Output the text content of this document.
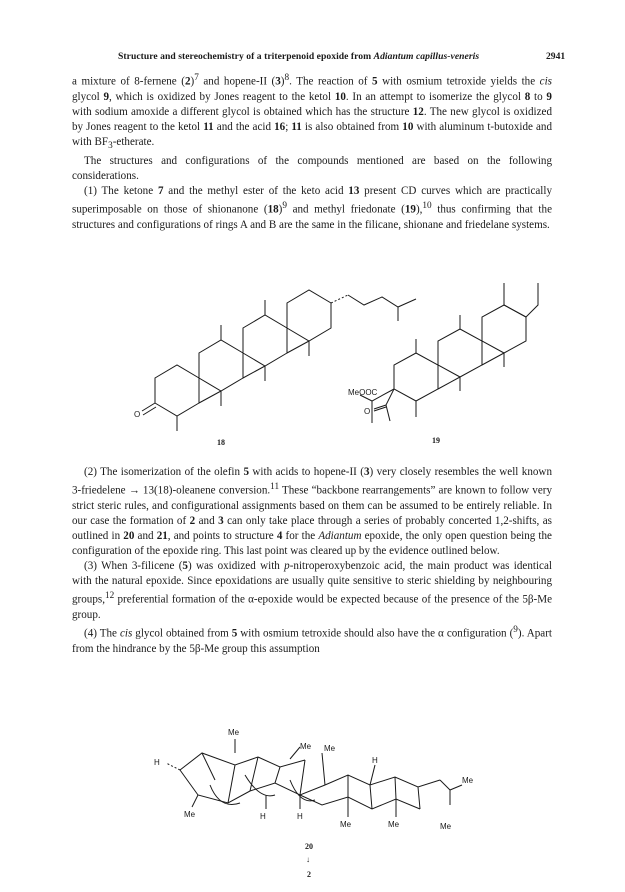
Structure and stereochemistry of a triterpenoid epoxide from Adiantum capillus-veneris	2941

a mixture of 8-fernene $(2)^7$ and hopene-II $(3)^8$. The reaction of 5 with osmium tetroxide yields the cis glycol 9, which is oxidized by Jones reagent to the ketol 10. In an attempt to isomerize the glycol 8 to 9 with sodium amoxide a different glycol is obtained which has the structure 12. The new glycol is oxidized by Jones reagent to the ketol 11 and the acid 16; 11 is also obtained from 10 with aluminum t-butoxide and with $BF_3$-etherate.

The structures and configurations of the compounds mentioned are based on the following considerations.

(1) The ketone 7 and the methyl ester of the keto acid 13 present CD curves which are practically superimposable on those of shionanone $(18)^9$ and methyl friedonate (19),$^{10}$ thus confirming that the structures and configurations of rings A and B are the same in the filicane, shionane and friedelane systems.

O
18
MeOOC
O
19

(2) The isomerization of the olefin 5 with acids to hopene-II (3) very closely resembles the well known 3-friedelene → 13(18)-oleanene conversion.$^{11}$ These “backbone rearrangements” are known to follow very strict steric rules, and configurational assignments based on them can be assumed to be entirely reliable. In our case the formation of 2 and 3 can only take place through a series of probably concerted 1,2-shifts, as outlined in 20 and 21, and points to structure 4 for the Adiantum epoxide, the only open question being the configuration of the epoxide ring. This last point was cleared up by the evidence outlined below.

(3) When 3-filicene (5) was oxidized with p-nitroperoxybenzoic acid, the main product was identical with the natural epoxide. Since epoxidations are usually quite sensitive to steric shielding by neighbouring groups,$^{12}$ preferential formation of the α-epoxide would be expected because of the presence of the 5β-Me group.

(4) The cis glycol obtained from 5 with osmium tetroxide should also have the α configuration ($^9$). Apart from the hindrance by the 5β-Me group this assumption

Me
H
Me
Me Me
H
H	H
Me	Me	Me
Me
20
↓
2
